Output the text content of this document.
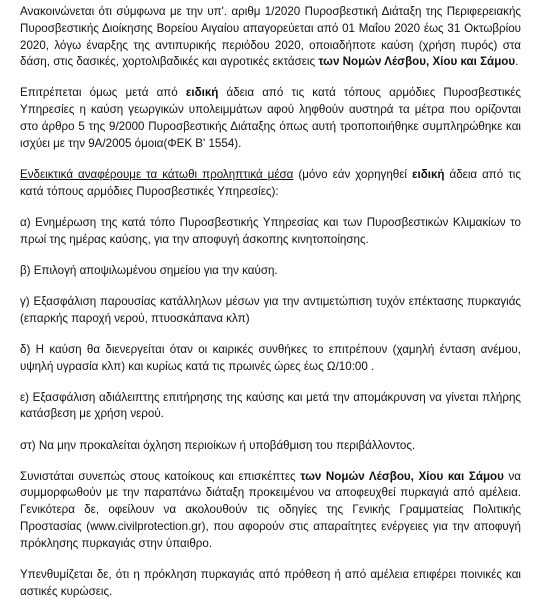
Ανακοινώνεται ότι σύμφωνα με την υπ'. αριθμ 1/2020 Πυροσβεστική Διάταξη της Περιφερειακής Πυροσβεστικής Διοίκησης Βορείου Αιγαίου απαγορεύεται από 01 Μαΐου 2020 έως 31 Οκτωβρίου 2020, λόγω έναρξης της αντιπυρικής περιόδου 2020, οποιαδήποτε καύση (χρήση πυρός) στα δάση, στις δασικές, χορτολιβαδικές και αγροτικές εκτάσεις των Νομών Λέσβου, Χίου και Σάμου.

Επιτρέπεται όμως μετά από ειδική άδεια από τις κατά τόπους αρμόδιες Πυροσβεστικές Υπηρεσίες η καύση γεωργικών υπολειμμάτων αφού ληφθούν αυστηρά τα μέτρα που ορίζονται στο άρθρο 5 της 9/2000 Πυροσβεστικής Διάταξης όπως αυτή τροποποιήθηκε συμπληρώθηκε και ισχύει με την 9Α/2005 όμοια(ΦΕΚ Β' 1554).

Ενδεικτικά αναφέρουμε τα κάτωθι προληπτικά μέσα (μόνο εάν χορηγηθεί ειδική άδεια από τις κατά τόπους αρμόδιες Πυροσβεστικές Υπηρεσίες):

α) Ενημέρωση της κατά τόπο Πυροσβεστικής Υπηρεσίας και των Πυροσβεστικών Κλιμακίων το πρωί της ημέρας καύσης, για την αποφυγή άσκοπης κινητοποίησης.

β) Επιλογή αποψιλωμένου σημείου για την καύση.

γ) Εξασφάλιση παρουσίας κατάλληλων μέσων για την αντιμετώπιση τυχόν επέκτασης πυρκαγιάς (επαρκής παροχή νερού, πτυοσκάπανα κλπ)

δ) Η καύση θα διενεργείται όταν οι καιρικές συνθήκες το επιτρέπουν (χαμηλή ένταση ανέμου, υψηλή υγρασία κλπ) και κυρίως κατά τις πρωινές ώρες έως Ω/10:00 .

ε) Εξασφάλιση αδιάλειπτης επιτήρησης της καύσης και μετά την απομάκρυνση να γίνεται πλήρης κατάσβεση με χρήση νερού.

στ) Να μην προκαλείται όχληση περιοίκων ή υποβάθμιση του περιβάλλοντος.

Συνιστάται συνεπώς στους κατοίκους και επισκέπτες των Νομών Λέσβου, Χίου και Σάμου να συμμορφωθούν με την παραπάνω διάταξη προκειμένου να αποφευχθεί πυρκαγιά από αμέλεια. Γενικότερα δε, οφείλουν να ακολουθούν τις οδηγίες της Γενικής Γραμματείας Πολιτικής Προστασίας (www.civilprotection.gr), που αφορούν στις απαραίτητες ενέργειες για την αποφυγή πρόκλησης πυρκαγιάς στην ύπαιθρο.

Υπενθυμίζεται δε, ότι η πρόκληση πυρκαγιάς από πρόθεση ή από αμέλεια επιφέρει ποινικές και αστικές κυρώσεις.
